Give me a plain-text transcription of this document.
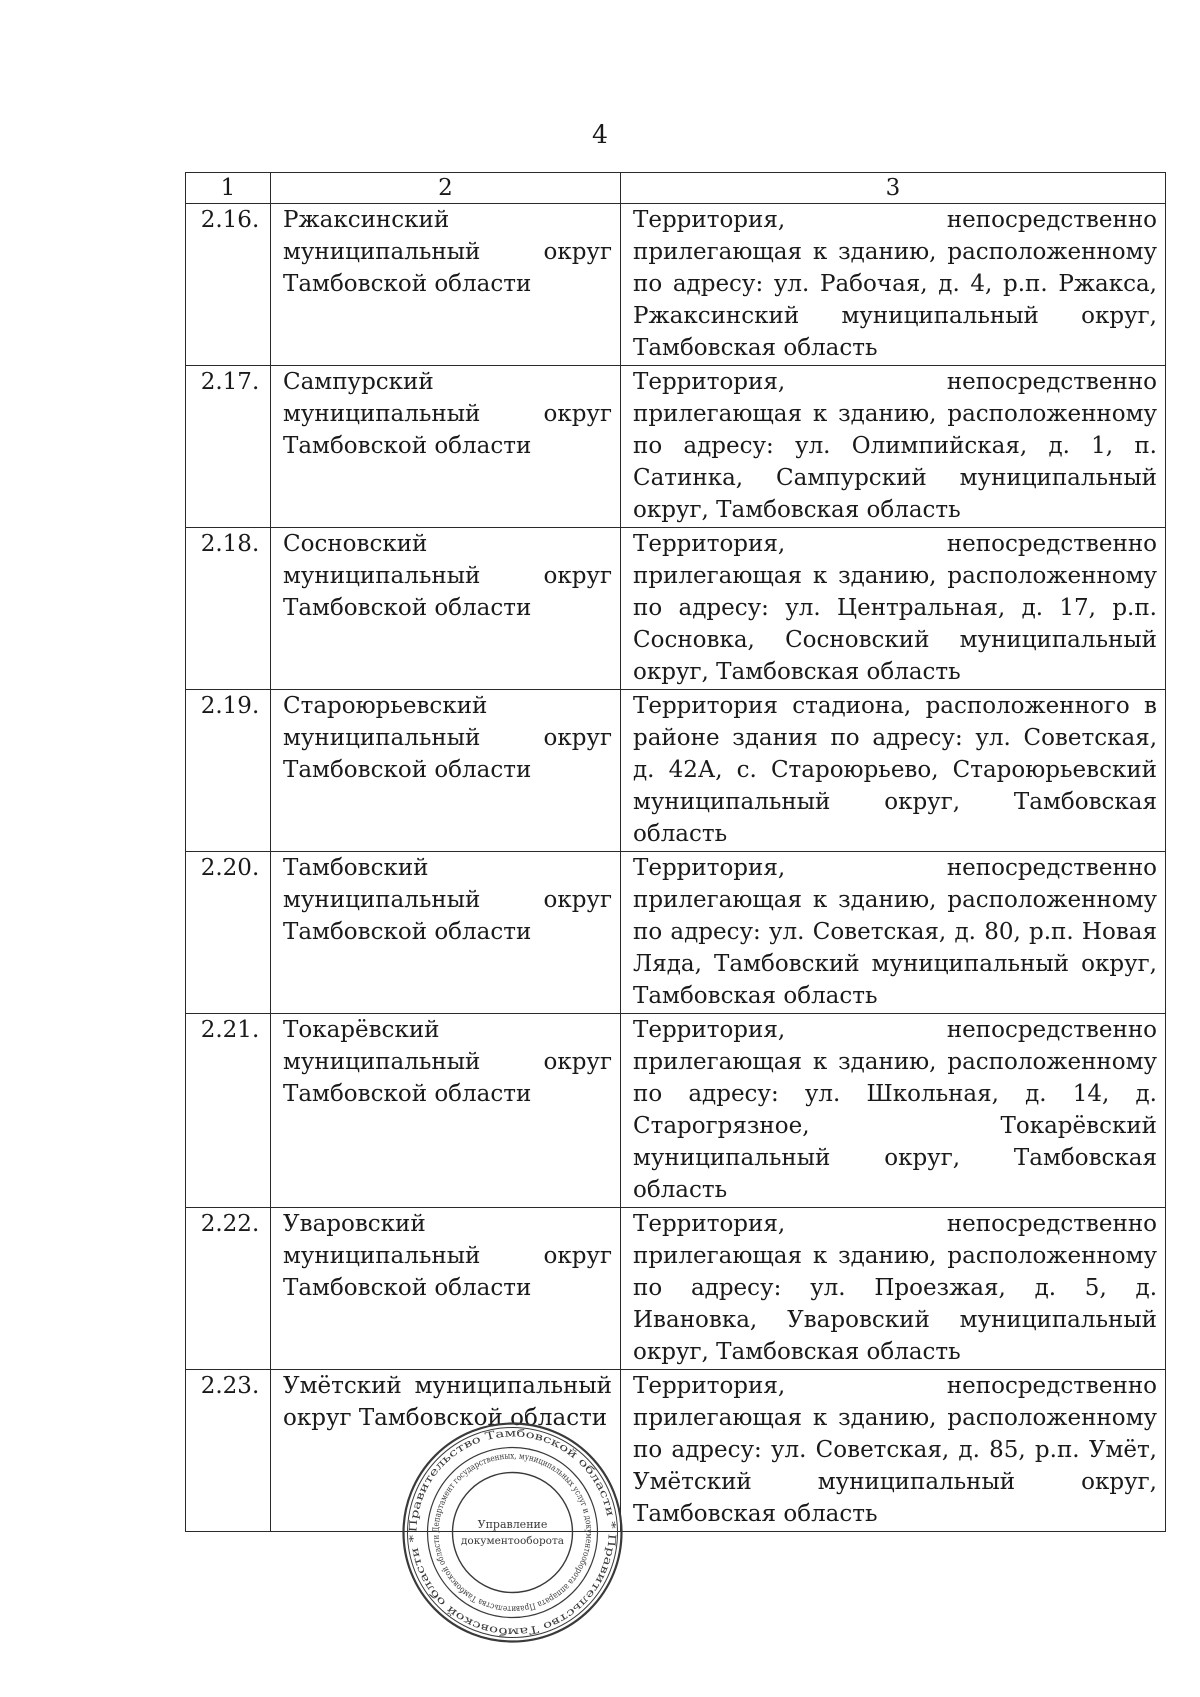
4
1	2	3
2.16.	Ржаксинский муниципальный округ Тамбовской области	Территория, непосредственно прилегающая к зданию, расположенному по адресу: ул. Рабочая, д. 4, р.п. Ржакса, Ржаксинский муниципальный округ, Тамбовская область

2.17.	Сампурский муниципальный округ Тамбовской области	Территория, непосредственно прилегающая к зданию, расположенному по адресу: ул. Олимпийская, д. 1, п. Сатинка, Сампурский муниципальный округ, Тамбовская область

2.18.	Сосновский муниципальный округ Тамбовской области	Территория, непосредственно прилегающая к зданию, расположенному по адресу: ул. Центральная, д. 17, р.п. Сосновка, Сосновский муниципальный округ, Тамбовская область

2.19.	Староюрьевский муниципальный округ Тамбовской области	Территория стадиона, расположенного в районе здания по адресу: ул. Советская, д. 42А, с. Староюрьево, Староюрьевский муниципальный округ, Тамбовская область

2.20.	Тамбовский муниципальный округ Тамбовской области	Территория, непосредственно прилегающая к зданию, расположенному по адресу: ул. Советская, д. 80, р.п. Новая Ляда, Тамбовский муниципальный округ, Тамбовская область

2.21.	Токарёвский муниципальный округ Тамбовской области	Территория, непосредственно прилегающая к зданию, расположенному по адресу: ул. Школьная, д. 14, д. Старогрязное, Токарёвский муниципальный округ, Тамбовская область

2.22.	Уваровский муниципальный округ Тамбовской области	Территория, непосредственно прилегающая к зданию, расположенному по адресу: ул. Проезжая, д. 5, д. Ивановка, Уваровский муниципальный округ, Тамбовская область

2.23.	Умётский муниципальный округ Тамбовской области	Территория, непосредственно прилегающая к зданию, расположенному по адресу: ул. Советская, д. 85, р.п. Умёт, Умётский муниципальный округ, Тамбовская область
Правительство Тамбовской области * Правительство Тамбовской области *
Департамент государственных, муниципальных услуг и документооборота аппарата Правительства Тамбовской области
Управление
документооборота
